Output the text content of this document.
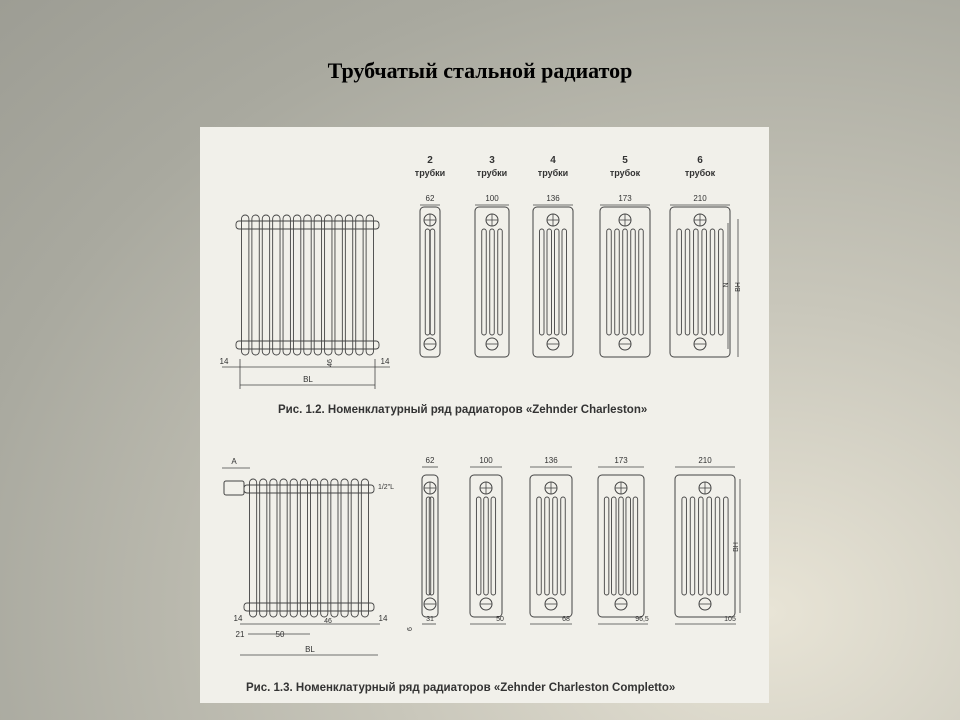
Трубчатый стальной радиатор
14	14
46
BL
2
трубки
62
3
трубки
100
4
трубки
136
5
трубок
173
6
трубок
210
N BH
A
1/2"L
14
21	50
46	14
BL
62
31
100
50
136
68
173
96,5
210
105
6
BH
Рис. 1.2. Номенклатурный ряд радиаторов «Zehnder Charleston»
Рис. 1.3. Номенклатурный ряд радиаторов «Zehnder Charleston Completto»
